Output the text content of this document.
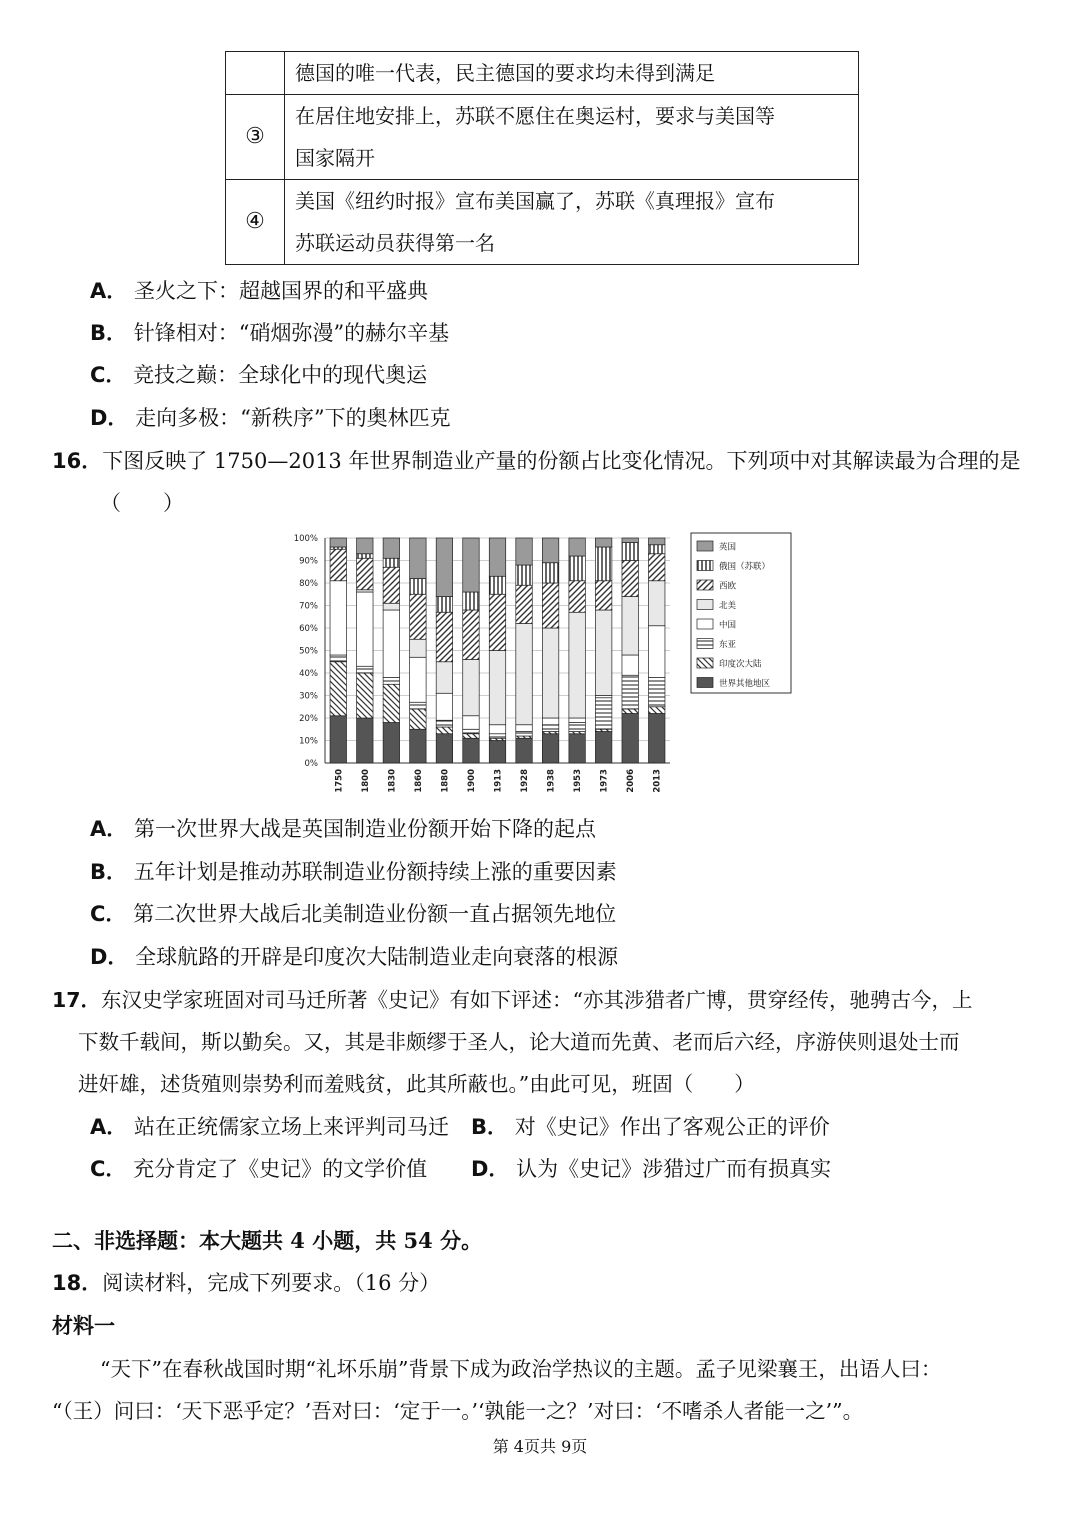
	德国的唯一代表，民主德国的要求均未得到满足
③	在居住地安排上，苏联不愿住在奥运村，要求与美国等
国家隔开

④	美国《纽约时报》宣布美国赢了，苏联《真理报》宣布
苏联运动员获得第一名
A． 圣火之下：超越国界的和平盛典
B． 针锋相对：“硝烟弥漫”的赫尔辛基
C． 竞技之巅：全球化中的现代奥运
D． 走向多极：“新秩序”下的奥林匹克
16．下图反映了 1750—2013 年世界制造业产量的份额占比变化情况。下列项中对其解读最为合理的是
（　　）
0%
10%
20%
30%
40%
50%
60%
70%
80%
90%
100%
1750 1800 1830 1860 1880 1900 1913 1928 1938 1953 1973 2006 2013
英国
俄国（苏联）
西欧
北美
中国
东亚
印度次大陆
世界其他地区
A． 第一次世界大战是英国制造业份额开始下降的起点
B． 五年计划是推动苏联制造业份额持续上涨的重要因素
C． 第二次世界大战后北美制造业份额一直占据领先地位
D． 全球航路的开辟是印度次大陆制造业走向衰落的根源
17．东汉史学家班固对司马迁所著《史记》有如下评述：“亦其涉猎者广博，贯穿经传，驰骋古今，上
下数千载间，斯以勤矣。又，其是非颇缪于圣人，论大道而先黄、老而后六经，序游侠则退处士而
进奸雄，述货殖则崇势利而羞贱贫，此其所蔽也。”由此可见，班固（　　）
A． 站在正统儒家立场上来评判司马迁 B． 对《史记》作出了客观公正的评价
C． 充分肯定了《史记》的文学价值 D． 认为《史记》涉猎过广而有损真实
二、非选择题：本大题共 4 小题，共 54 分。
18．阅读材料，完成下列要求。（16 分）
材料一
“天下”在春秋战国时期“礼坏乐崩”背景下成为政治学热议的主题。孟子见梁襄王，出语人曰：
“（王）问曰：‘天下恶乎定？’吾对曰：‘定于一。’‘孰能一之？’对曰：‘不嗜杀人者能一之’”。
第 4页共 9页
